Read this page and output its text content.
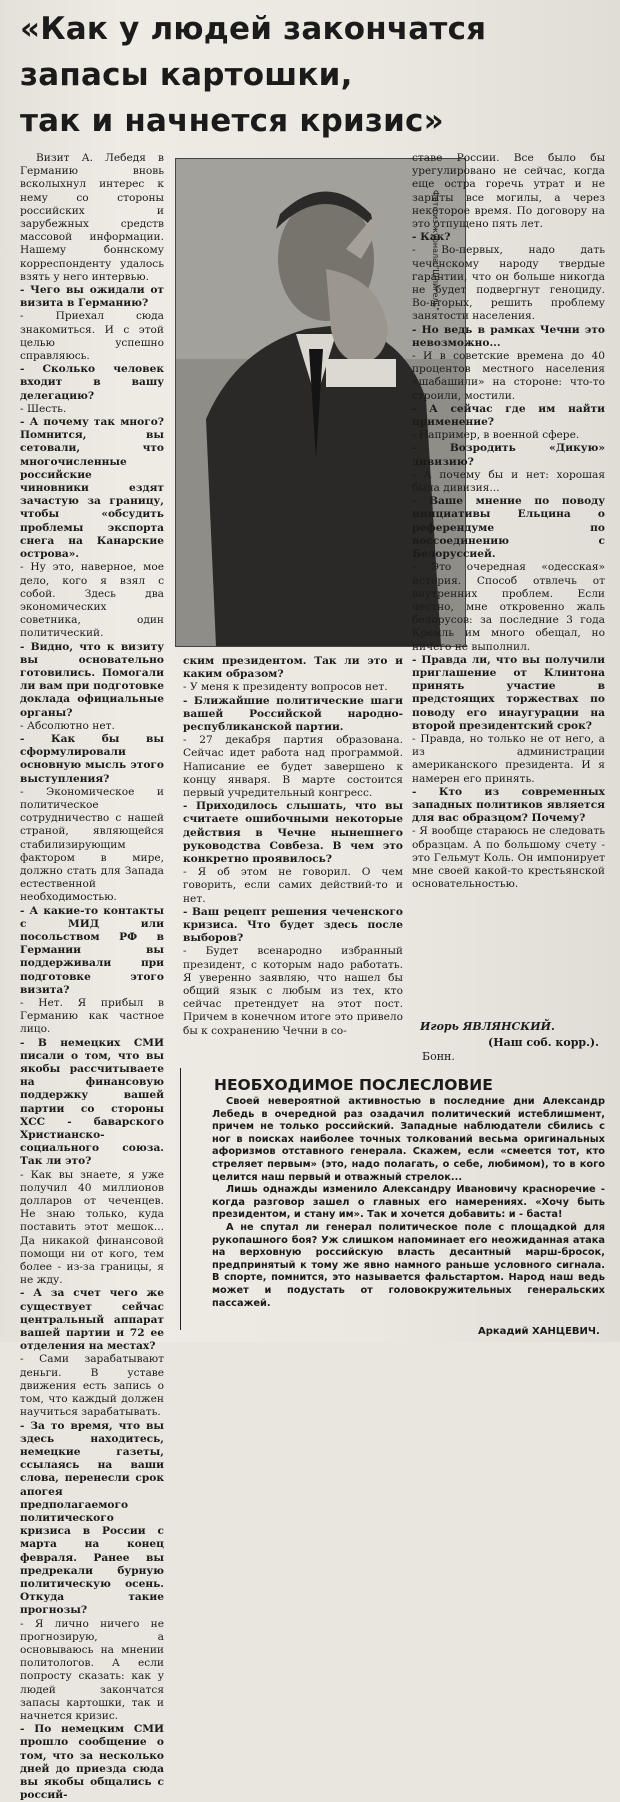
«Как у людей закончатся
запасы картошки,
так и начнется кризис»

Визит А. Лебедя в Германию вновь всколыхнул интерес к нему со стороны российских и зарубежных средств массовой информации. Нашему боннскому корреспонденту удалось взять у него интервью.

- Чего вы ожидали от визита в Германию?

- Приехал сюда знакомиться. И с этой целью успешно справляюсь.

- Сколько человек входит в вашу делегацию?

- Шесть.

- А почему так много? Помнится, вы сетовали, что многочисленные российские чиновники ездят зачастую за границу, чтобы «обсудить проблемы экспорта снега на Канарские острова».

- Ну это, наверное, мое дело, кого я взял с собой. Здесь два экономических советника, один политический.

- Видно, что к визиту вы основательно готовились. Помогали ли вам при подготовке доклада официальные органы?

- Абсолютно нет.

- Как бы вы сформулировали основную мысль этого выступления?

- Экономическое и политическое сотрудничество с нашей страной, являющейся стабилизирующим фактором в мире, должно стать для Запада естественной необходимостью.

- А какие-то контакты с МИД или посольством РФ в Германии вы поддерживали при подготовке этого визита?

- Нет. Я прибыл в Германию как частное лицо.

- В немецких СМИ писали о том, что вы якобы рассчитываете на финансовую поддержку вашей партии со стороны ХСС - баварского Христианско-социального союза. Так ли это?

- Как вы знаете, я уже получил 40 миллионов долларов от чеченцев. Не знаю только, куда поставить этот мешок... Да никакой финансовой помощи ни от кого, тем более - из-за границы, я не жду.

- А за счет чего же существует сейчас центральный аппарат вашей партии и 72 ее отделения на местах?

- Сами зарабатывают деньги. В уставе движения есть запись о том, что каждый должен научиться зарабатывать.

- За то время, что вы здесь находитесь, немецкие газеты, ссылаясь на ваши слова, перенесли срок апогея предполагаемого политического кризиса в России с марта на конец февраля. Ранее вы предрекали бурную политическую осень. Откуда такие прогнозы?

- Я лично ничего не прогнозирую, а основываюсь на мнении политологов. А если попросту сказать: как у людей закончатся запасы картошки, так и начнется кризис.

- По немецким СМИ прошло сообщение о том, что за несколько дней до приезда сюда вы якобы общались с россий-

Фото из журнала "Шпигель"

ским президентом. Так ли это и каким образом?

- У меня к президенту вопросов нет.

- Ближайшие политические шаги вашей Российской народно-республиканской партии.

- 27 декабря партия образована. Сейчас идет работа над программой. Написание ее будет завершено к концу января. В марте состоится первый учредительный конгресс.

- Приходилось слышать, что вы считаете ошибочными некоторые действия в Чечне нынешнего руководства Совбеза. В чем это конкретно проявилось?

- Я об этом не говорил. О чем говорить, если самих действий-то и нет.

- Ваш рецепт решения чеченского кризиса. Что будет здесь после выборов?

- Будет всенародно избранный президент, с которым надо работать. Я уверенно заявляю, что нашел бы общий язык с любым из тех, кто сейчас претендует на этот пост. Причем в конечном итоге это привело бы к сохранению Чечни в со-

ставе России. Все было бы урегулировано не сейчас, когда еще остра горечь утрат и не зарыты все могилы, а через некоторое время. По договору на это отпущено пять лет.

- Как?

- Во-первых, надо дать чеченскому народу твердые гарантии, что он больше никогда не будет подвергнут геноциду. Во-вторых, решить проблему занятости населения.

- Но ведь в рамках Чечни это невозможно...

- И в советские времена до 40 процентов местного населения «шабашили» на стороне: что-то строили, мостили.

- А сейчас где им найти применение?

- Например, в военной сфере.

- Возродить «Дикую» дивизию?

- А почему бы и нет: хорошая была дивизия...

- Ваше мнение по поводу инициативы Ельцина о референдуме по воссоединению с Белоруссией.

- Это очередная «одесская» история. Способ отвлечь от внутренних проблем. Если честно, мне откровенно жаль белорусов: за последние 3 года Кремль им много обещал, но ничего не выполнил.

- Правда ли, что вы получили приглашение от Клинтона принять участие в предстоящих торжествах по поводу его инаугурации на второй президентский срок?

- Правда, но только не от него, а из администрации американского президента. И я намерен его принять.

- Кто из современных западных политиков является для вас образцом? Почему?

- Я вообще стараюсь не следовать образцам. А по большому счету - это Гельмут Коль. Он импонирует мне своей какой-то крестьянской основательностью.

Игорь ЯВЛЯНСКИЙ.
(Наш соб. корр.).
Бонн.
НЕОБХОДИМОЕ ПОСЛЕСЛОВИЕ

Своей невероятной активностью в последние дни Александр Лебедь в очередной раз озадачил политический истеблишмент, причем не только российский. Западные наблюдатели сбились с ног в поисках наиболее точных толкований весьма оригинальных афоризмов отставного генерала. Скажем, если «смеется тот, кто стреляет первым» (это, надо полагать, о себе, любимом), то в кого целится наш первый и отважный стрелок...

Лишь однажды изменило Александру Ивановичу красноречие - когда разговор зашел о главных его намерениях. «Хочу быть президентом, и стану им». Так и хочется добавить: и - баста!

А не спутал ли генерал политическое поле с площадкой для рукопашного боя? Уж слишком напоминает его неожиданная атака на верховную российскую власть десантный марш-бросок, предпринятый к тому же явно намного раньше условного сигнала. В спорте, помнится, это называется фальстартом. Народ наш ведь может и подустать от головокружительных генеральских пассажей.

Аркадий ХАНЦЕВИЧ.
